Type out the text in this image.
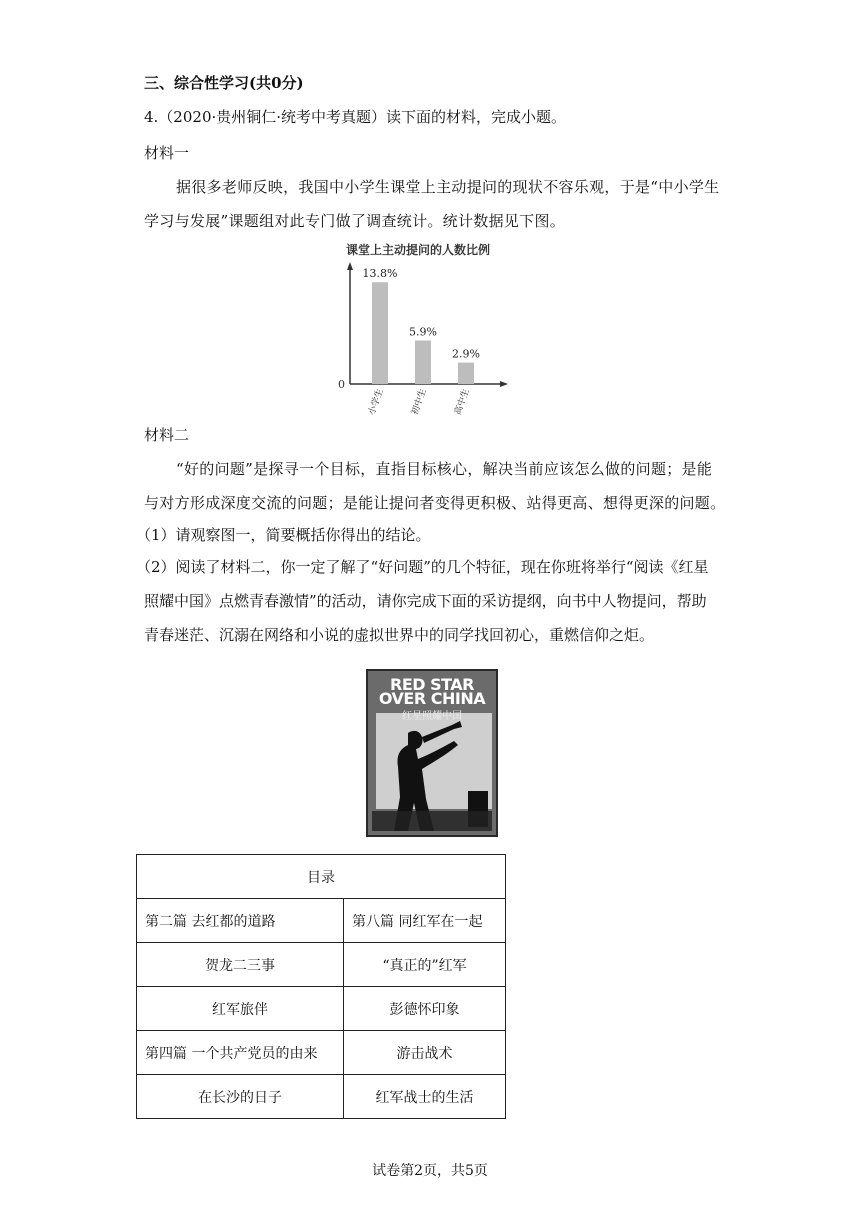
三、综合性学习(共0分)
4.（2020·贵州铜仁·统考中考真题）读下面的材料，完成小题。
材料一
据很多老师反映，我国中小学生课堂上主动提问的现状不容乐观，于是“中小学生
学习与发展”课题组对此专门做了调查统计。统计数据见下图。
课堂上主动提问的人数比例
0
13.8%
小学生
5.9%
初中生
2.9%
高中生
材料二
“好的问题”是探寻一个目标，直指目标核心，解决当前应该怎么做的问题；是能
与对方形成深度交流的问题；是能让提问者变得更积极、站得更高、想得更深的问题。
（1）请观察图一，简要概括你得出的结论。
（2）阅读了材料二，你一定了解了“好问题”的几个特征，现在你班将举行“阅读《红星
照耀中国》点燃青春激情”的活动，请你完成下面的采访提纲，向书中人物提问，帮助
青春迷茫、沉溺在网络和小说的虚拟世界中的同学找回初心，重燃信仰之炬。
RED STAR
OVER CHINA
红星照耀中国
目录	
第二篇 去红都的道路	第八篇 同红军在一起
贺龙二三事	“真正的”红军
红军旅伴	彭德怀印象
第四篇 一个共产党员的由来	游击战术
在长沙的日子	红军战士的生活
试卷第2页，共5页
